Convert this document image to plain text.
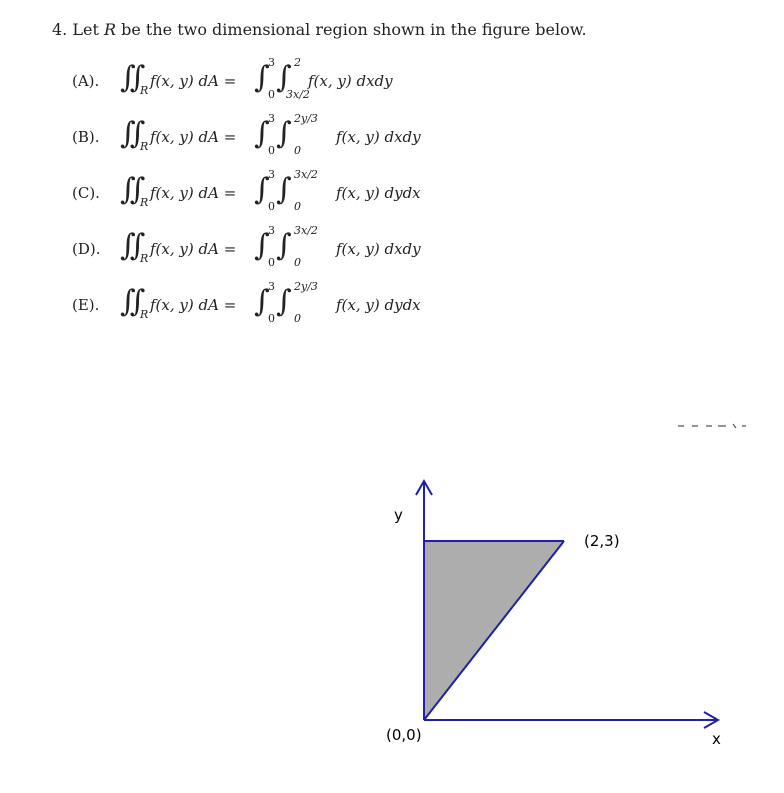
4. Let R be the two dimensional region shown in the figure below.
(A). ∫∫ R
f(x, y) dA = ∫
0
3 ∫
3x/2
2
f(x, y) dxdy
(B). ∫∫ R
f(x, y) dA = ∫
0
3 ∫ 0
2y/3
f(x, y) dxdy
(C). ∫∫ R
f(x, y) dA = ∫
0
3 ∫ 0
3x/2
f(x, y) dydx
(D). ∫∫ R
f(x, y) dA = ∫
0
3 ∫ 0
3x/2
f(x, y) dxdy
(E). ∫∫ R
f(x, y) dA = ∫
0
3 ∫ 0
2y/3
f(x, y) dydx
y
x
(0,0)
(2,3)
